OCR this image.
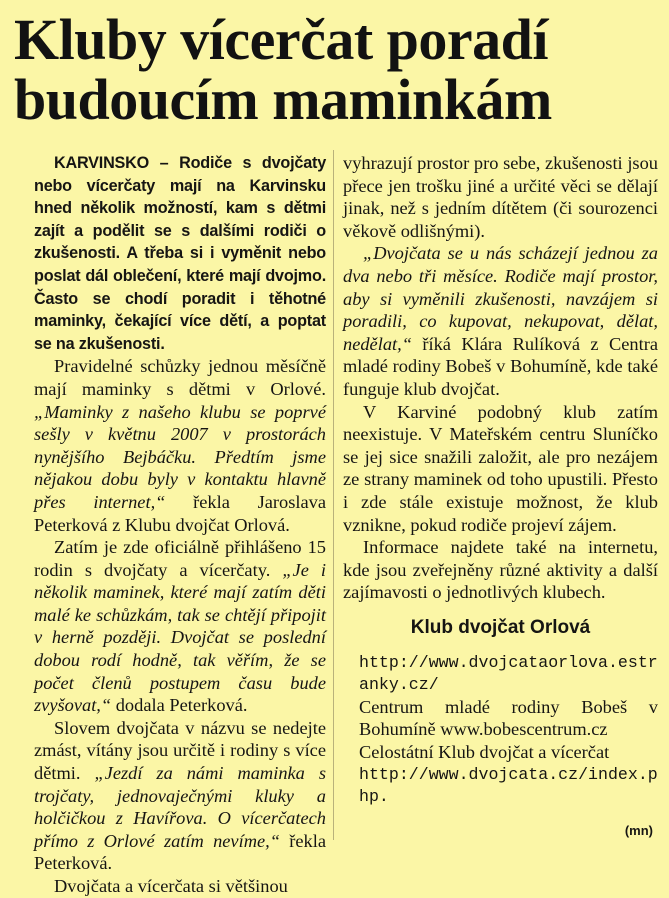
Kluby vícerčat poradí
budoucím maminkám

KARVINSKO – Rodiče s dvojčaty nebo vícerčaty mají na Karvinsku hned několik možností, kam s dětmi zajít a podělit se s dalšími rodiči o zkušenosti. A třeba si i vyměnit nebo poslat dál oblečení, které mají dvojmo. Často se chodí poradit i těhotné maminky, čekající více dětí, a poptat se na zkušenosti.

Pravidelné schůzky jednou měsíčně mají maminky s dětmi v Orlové. „Maminky z našeho klubu se poprvé sešly v květnu 2007 v prostorách nynějšího Bejbáčku. Předtím jsme nějakou dobu byly v kontaktu hlavně přes internet,“ řekla Jaroslava Peterková z Klubu dvojčat Orlová.

Zatím je zde oficiálně přihlášeno 15 rodin s dvojčaty a vícerčaty. „Je i několik maminek, které mají zatím děti malé ke schůzkám, tak se chtějí připojit v herně později. Dvojčat se poslední dobou rodí hodně, tak věřím, že se počet členů postupem času bude zvyšovat,“ dodala Peterková.

Slovem dvojčata v názvu se nedejte zmást, vítány jsou určitě i rodiny s více dětmi. „Jezdí za námi maminka s trojčaty, jednovaječnými kluky a holčičkou z Havířova. O vícerčatech přímo z Orlové zatím nevíme,“ řekla Peterková.

Dvojčata a vícerčata si většinou

vyhrazují prostor pro sebe, zkušenosti jsou přece jen trošku jiné a určité věci se dělají jinak, než s jedním dítětem (či sourozenci věkově odlišnými).

„Dvojčata se u nás scházejí jednou za dva nebo tři měsíce. Rodiče mají prostor, aby si vyměnili zkušenosti, navzájem si poradili, co kupovat, nekupovat, dělat, nedělat,“ říká Klára Rulíková z Centra mladé rodiny Bobeš v Bohumíně, kde také funguje klub dvojčat.

V Karviné podobný klub zatím neexistuje. V Mateřském centru Sluníčko se jej sice snažili založit, ale pro nezájem ze strany maminek od toho upustili. Přesto i zde stále existuje možnost, že klub vznikne, pokud rodiče projeví zájem.

Informace najdete také na internetu, kde jsou zveřejněny různé aktivity a další zajímavosti o jednotlivých klubech.

Klub dvojčat Orlová

http://www.dvojcataorlova.estranky.cz/

Centrum mladé rodiny Bobeš v Bohumíně www.bobescentrum.cz

Celostátní Klub dvojčat a vícerčat

http://www.dvojcata.cz/index.php.

(mn)
